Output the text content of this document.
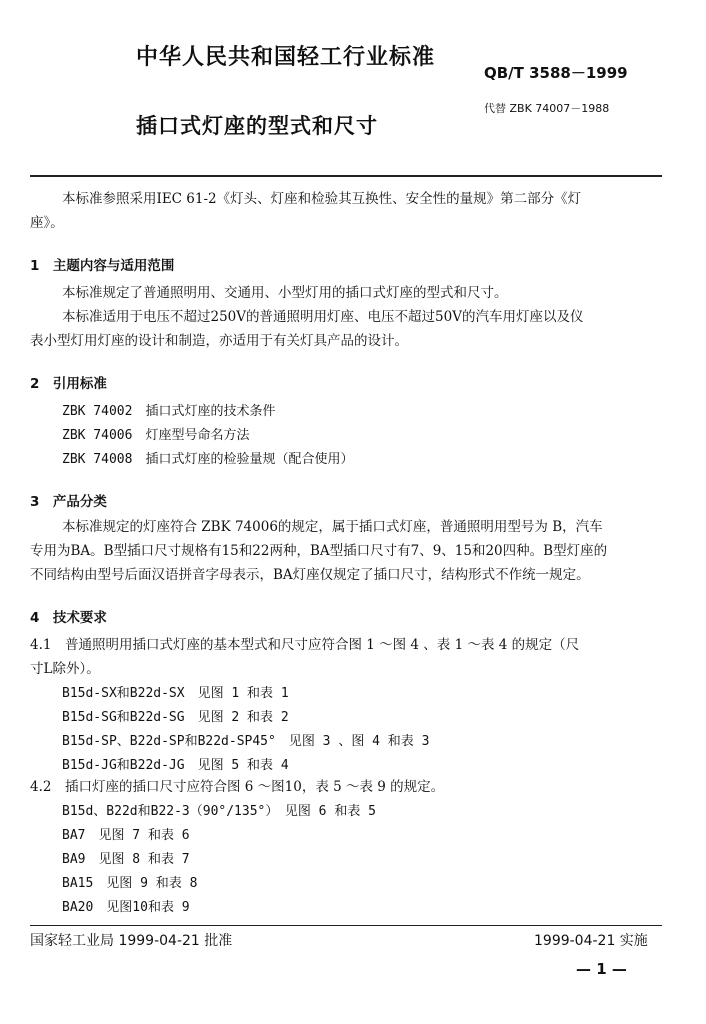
中华人民共和国轻工行业标准
QB/T 3588－1999
插口式灯座的型式和尺寸
代替 ZBK 74007－1988
本标准参照采用IEC 61-2《灯头、灯座和检验其互换性、安全性的量规》第二部分《灯
座》。
1　主题内容与适用范围
本标准规定了普通照明用、交通用、小型灯用的插口式灯座的型式和尺寸。
本标准适用于电压不超过250V的普通照明用灯座、电压不超过50V的汽车用灯座以及仪
表小型灯用灯座的设计和制造，亦适用于有关灯具产品的设计。
2　引用标准
ZBK 74002　插口式灯座的技术条件
ZBK 74006　灯座型号命名方法
ZBK 74008　插口式灯座的检验量规（配合使用）
3　产品分类
本标准规定的灯座符合 ZBK 74006的规定，属于插口式灯座，普通照明用型号为 B，汽车
专用为BA。B型插口尺寸规格有15和22两种，BA型插口尺寸有7、9、15和20四种。B型灯座的
不同结构由型号后面汉语拼音字母表示，BA灯座仅规定了插口尺寸，结构形式不作统一规定。
4　技术要求
4.1　普通照明用插口式灯座的基本型式和尺寸应符合图 1 ～图 4 、表 1 ～表 4 的规定（尺
寸L除外）。
B15d-SX和B22d-SX　见图 1 和表 1
B15d-SG和B22d-SG　见图 2 和表 2
B15d-SP、B22d-SP和B22d-SP45°　见图 3 、图 4 和表 3
B15d-JG和B22d-JG　见图 5 和表 4
4.2　插口灯座的插口尺寸应符合图 6 ～图10，表 5 ～表 9 的规定。
B15d、B22d和B22-3（90°/135°）　见图 6 和表 5
BA7　见图 7 和表 6
BA9　见图 8 和表 7
BA15　见图 9 和表 8
BA20　见图10和表 9
国家轻工业局 1999-04-21 批准	1999-04-21 实施
— 1 —
